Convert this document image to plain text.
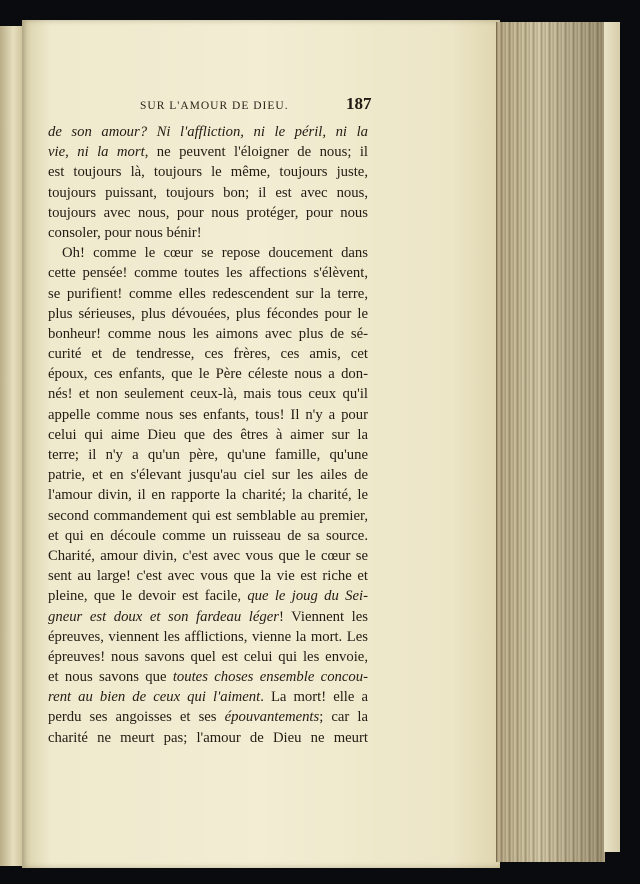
SUR L'AMOUR DE DIEU.	187
de son amour? Ni l'affliction, ni le péril, ni la
vie, ni la mort, ne peuvent l'éloigner de nous; il
est toujours là, toujours le même, toujours juste,
toujours puissant, toujours bon; il est avec nous,
toujours avec nous, pour nous protéger, pour nous
consoler, pour nous bénir!
Oh! comme le cœur se repose doucement dans
cette pensée! comme toutes les affections s'élèvent,
se purifient! comme elles redescendent sur la terre,
plus sérieuses, plus dévouées, plus fécondes pour le
bonheur! comme nous les aimons avec plus de sé-
curité et de tendresse, ces frères, ces amis, cet
époux, ces enfants, que le Père céleste nous a don-
nés! et non seulement ceux-là, mais tous ceux qu'il
appelle comme nous ses enfants, tous! Il n'y a pour
celui qui aime Dieu que des êtres à aimer sur la
terre; il n'y a qu'un père, qu'une famille, qu'une
patrie, et en s'élevant jusqu'au ciel sur les ailes de
l'amour divin, il en rapporte la charité; la charité, le
second commandement qui est semblable au premier,
et qui en découle comme un ruisseau de sa source.
Charité, amour divin, c'est avec vous que le cœur se
sent au large! c'est avec vous que la vie est riche et
pleine, que le devoir est facile, que le joug du Sei-
gneur est doux et son fardeau léger! Viennent les
épreuves, viennent les afflictions, vienne la mort. Les
épreuves! nous savons quel est celui qui les envoie,
et nous savons que toutes choses ensemble concou-
rent au bien de ceux qui l'aiment. La mort! elle a
perdu ses angoisses et ses épouvantements; car la
charité ne meurt pas; l'amour de Dieu ne meurt
